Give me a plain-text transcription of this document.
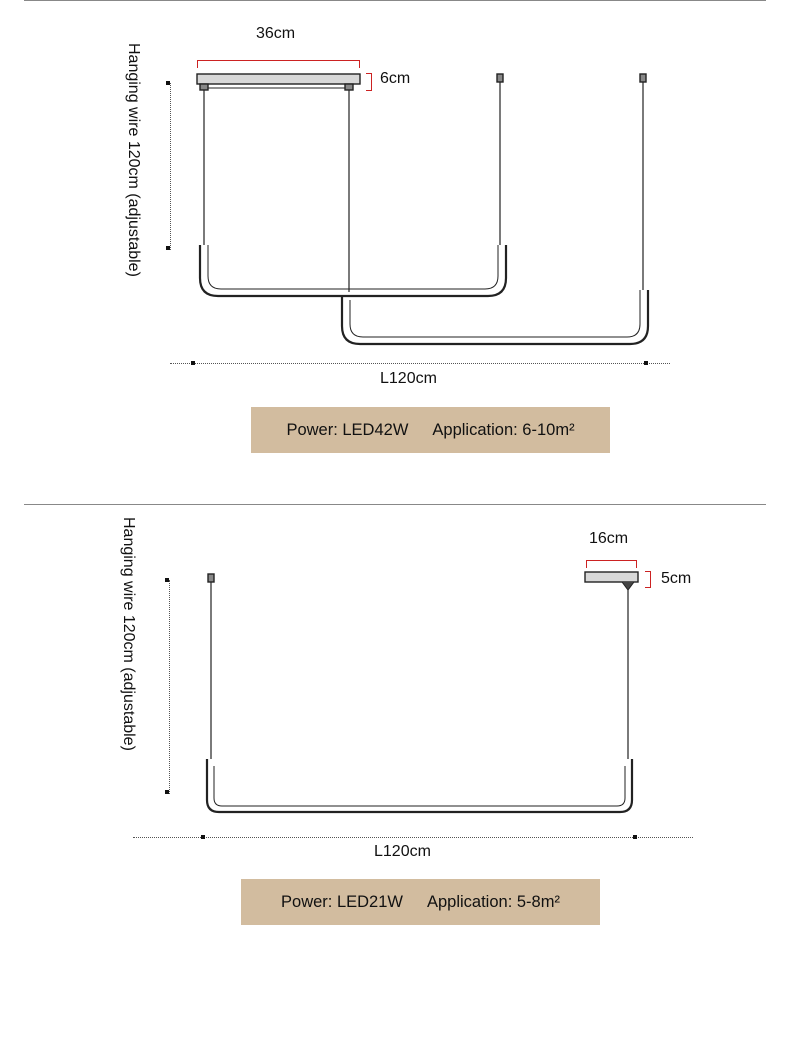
Hanging wire 120cm (adjustable)
36cm
6cm
L120cm
Power: LED42W Application: 6-10m²
Hanging wire 120cm (adjustable)	16cm
5cm
L120cm
Power: LED21W Application: 5-8m²
